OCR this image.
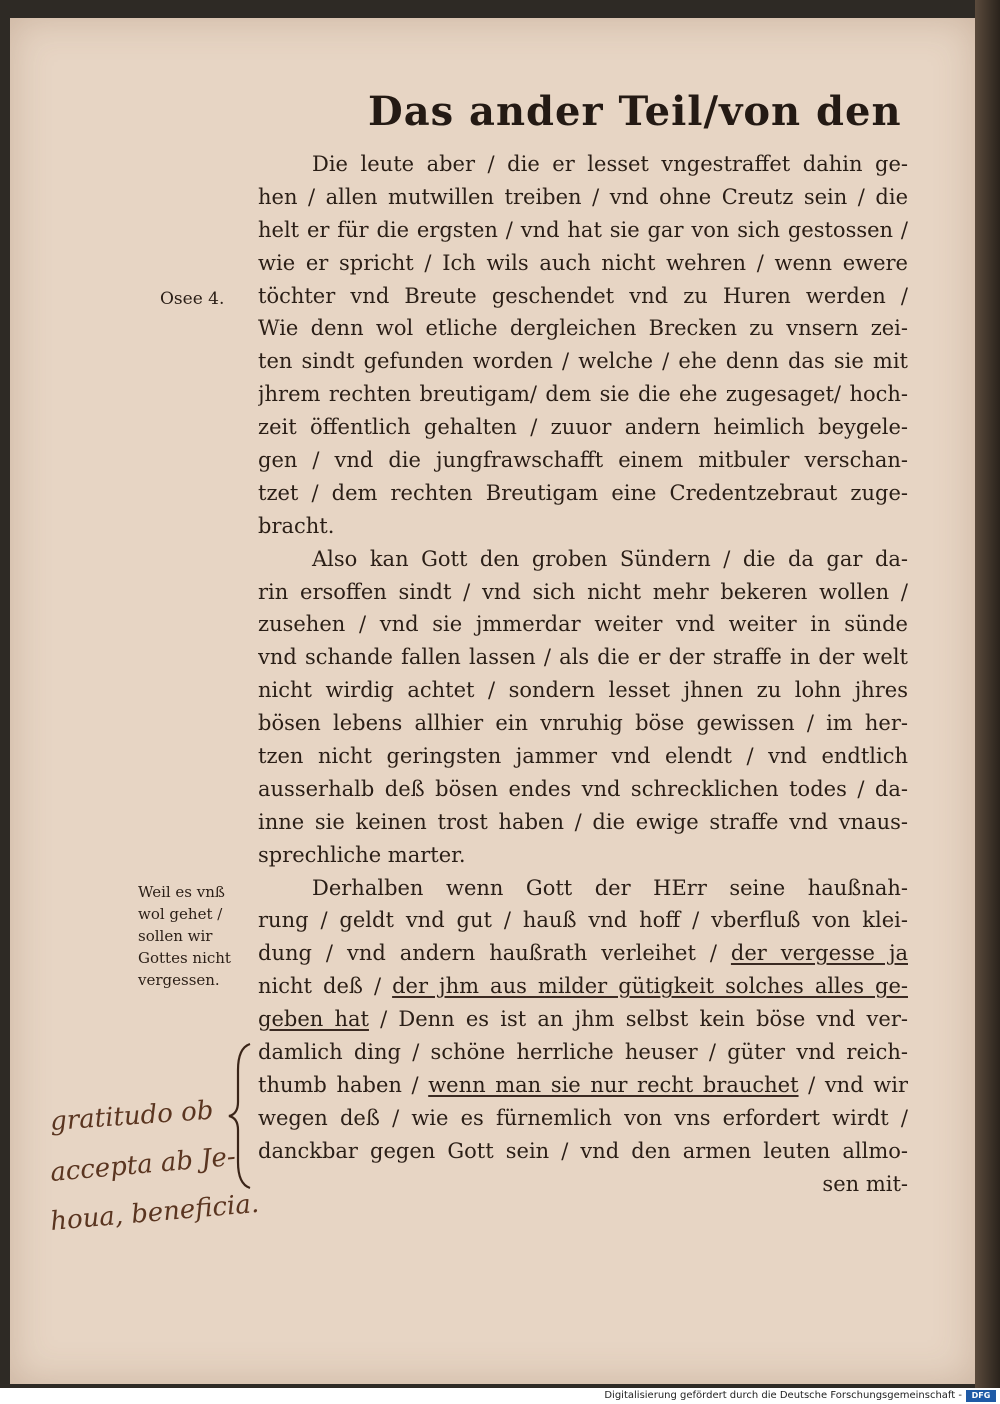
Das ander Teil/von den
Osee 4.
Weil es vnß
wol gehet /
sollen wir
Gottes nicht
vergessen.
gratitudo ob
accepta ab Je-
houa, beneficia.
Die leute aber / die er lesset vngestraffet dahin ge-
hen / allen mutwillen treiben / vnd ohne Creutz sein / die
helt er für die ergsten / vnd hat sie gar von sich gestossen /
wie er spricht / Ich wils auch nicht wehren / wenn ewere
töchter vnd Breute geschendet vnd zu Huren werden /
Wie denn wol etliche dergleichen Brecken zu vnsern zei-
ten sindt gefunden worden / welche / ehe denn das sie mit
jhrem rechten breutigam/ dem sie die ehe zugesaget/ hoch-
zeit öffentlich gehalten / zuuor andern heimlich beygele-
gen / vnd die jungfrawschafft einem mitbuler verschan-
tzet / dem rechten Breutigam eine Credentzebraut zuge-
bracht.
Also kan Gott den groben Sündern / die da gar da-
rin ersoffen sindt / vnd sich nicht mehr bekeren wollen /
zusehen / vnd sie jmmerdar weiter vnd weiter in sünde
vnd schande fallen lassen / als die er der straffe in der welt
nicht wirdig achtet / sondern lesset jhnen zu lohn jhres
bösen lebens allhier ein vnruhig böse gewissen / im her-
tzen nicht geringsten jammer vnd elendt / vnd endtlich
ausserhalb deß bösen endes vnd schrecklichen todes / da-
inne sie keinen trost haben / die ewige straffe vnd vnaus-
sprechliche marter.
Derhalben wenn Gott der HErr seine haußnah-
rung / geldt vnd gut / hauß vnd hoff / vberfluß von klei-
dung / vnd andern haußrath verleihet / der vergesse ja
nicht deß / der jhm aus milder gütigkeit solches alles ge-
geben hat / Denn es ist an jhm selbst kein böse vnd ver-
damlich ding / schöne herrliche heuser / güter vnd reich-
thumb haben / wenn man sie nur recht brauchet / vnd wir
wegen deß / wie es fürnemlich von vns erfordert wirdt /
danckbar gegen Gott sein / vnd den armen leuten allmo-
sen mit-
Digitalisierung gefördert durch die Deutsche Forschungsgemeinschaft -	DFG
